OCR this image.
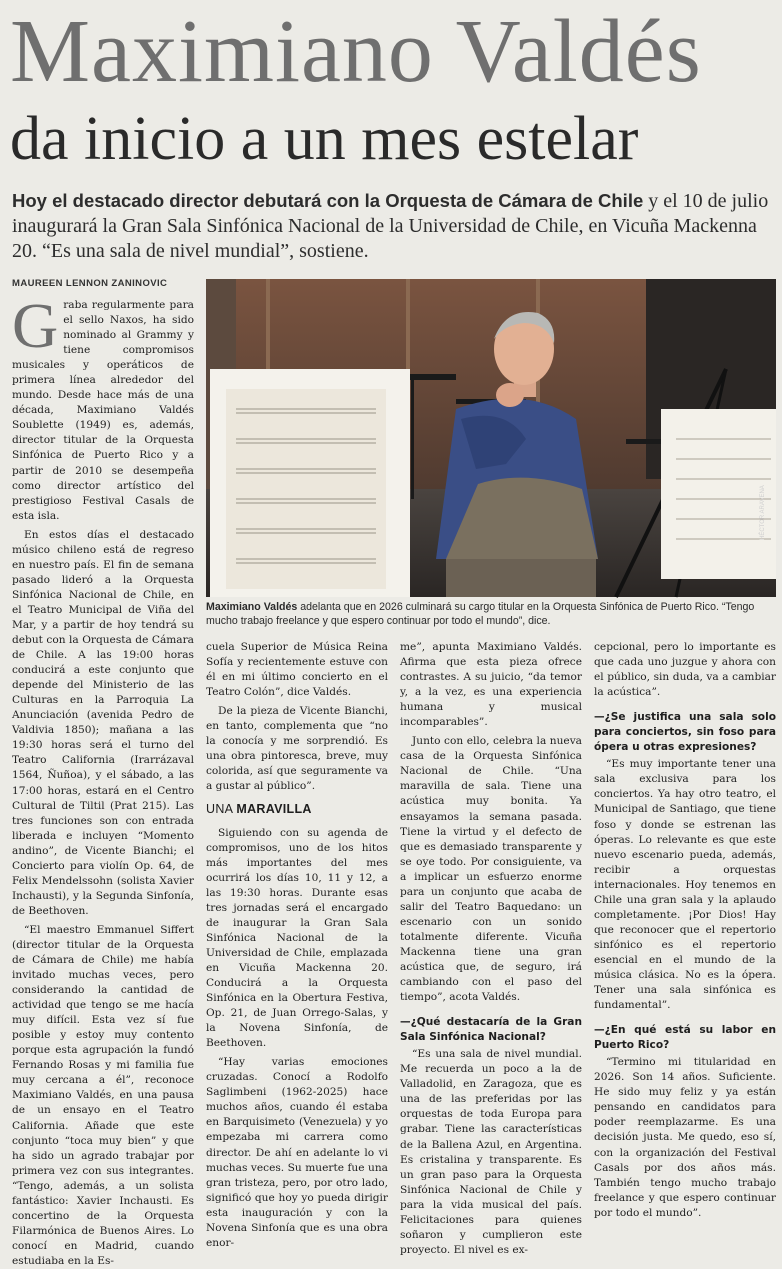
Maximiano Valdés
da inicio a un mes estelar
Hoy el destacado director debutará con la Orquesta de Cámara de Chile y el 10 de julio inaugurará la Gran Sala Sinfónica Nacional de la Universidad de Chile, en Vicuña Mackenna 20. “Es una sala de nivel mundial”, sostiene.
MAUREEN LENNON ZANINOVIC
HÉCTOR ARAVENA
Maximiano Valdés adelanta que en 2026 culminará su cargo titular en la Orquesta Sinfónica de Puerto Rico. “Tengo mucho trabajo freelance y que espero continuar por todo el mundo”, dice.

Graba regularmente para el sello Naxos, ha sido nominado al Grammy y tiene compromisos musicales y operáticos de primera línea alrededor del mundo. Desde hace más de una década, Maximiano Valdés Soublette (1949) es, además, director titular de la Orquesta Sinfónica de Puerto Rico y a partir de 2010 se desempeña como director artístico del prestigioso Festival Casals de esta isla.

En estos días el destacado músico chileno está de regreso en nuestro país. El fin de semana pasado lideró a la Orquesta Sinfónica Nacional de Chile, en el Teatro Municipal de Viña del Mar, y a partir de hoy tendrá su debut con la Orquesta de Cámara de Chile. A las 19:00 horas conducirá a este conjunto que depende del Ministerio de las Culturas en la Parroquia La Anunciación (avenida Pedro de Valdivia 1850); mañana a las 19:30 horas será el turno del Teatro California (Irarrázaval 1564, Ñuñoa), y el sábado, a las 17:00 horas, estará en el Centro Cultural de Tiltil (Prat 215). Las tres funciones son con entrada liberada e incluyen “Momento andino”, de Vicente Bianchi; el Concierto para violín Op. 64, de Felix Mendelssohn (solista Xavier Inchausti), y la Segunda Sinfonía, de Beethoven.

“El maestro Emmanuel Siffert (director titular de la Orquesta de Cámara de Chile) me había invitado muchas veces, pero considerando la cantidad de actividad que tengo se me hacía muy difícil. Esta vez sí fue posible y estoy muy contento porque esta agrupación la fundó Fernando Rosas y mi familia fue muy cercana a él”, reconoce Maximiano Valdés, en una pausa de un ensayo en el Teatro California. Añade que este conjunto “toca muy bien” y que ha sido un agrado trabajar por primera vez con sus integrantes. “Tengo, además, a un solista fantástico: Xavier Inchausti. Es concertino de la Orquesta Filarmónica de Buenos Aires. Lo conocí en Madrid, cuando estudiaba en la Es-

cuela Superior de Música Reina Sofía y recientemente estuve con él en mi último concierto en el Teatro Colón”, dice Valdés.

De la pieza de Vicente Bianchi, en tanto, complementa que “no la conocía y me sorprendió. Es una obra pintoresca, breve, muy colorida, así que seguramente va a gustar al público”.

UNA MARAVILLA

Siguiendo con su agenda de compromisos, uno de los hitos más importantes del mes ocurrirá los días 10, 11 y 12, a las 19:30 horas. Durante esas tres jornadas será el encargado de inaugurar la Gran Sala Sinfónica Nacional de la Universidad de Chile, emplazada en Vicuña Mackenna 20. Conducirá a la Orquesta Sinfónica en la Obertura Festiva, Op. 21, de Juan Orrego-Salas, y la Novena Sinfonía, de Beethoven.

“Hay varias emociones cruzadas. Conocí a Rodolfo Saglimbeni (1962-2025) hace muchos años, cuando él estaba en Barquisimeto (Venezuela) y yo empezaba mi carrera como director. De ahí en adelante lo vi muchas veces. Su muerte fue una gran tristeza, pero, por otro lado, significó que hoy yo pueda dirigir esta inauguración y con la Novena Sinfonía que es una obra enor-

me”, apunta Maximiano Valdés. Afirma que esta pieza ofrece contrastes. A su juicio, “da temor y, a la vez, es una experiencia humana y musical incomparables”.

Junto con ello, celebra la nueva casa de la Orquesta Sinfónica Nacional de Chile. “Una maravilla de sala. Tiene una acústica muy bonita. Ya ensayamos la semana pasada. Tiene la virtud y el defecto de que es demasiado transparente y se oye todo. Por consiguiente, va a implicar un esfuerzo enorme para un conjunto que acaba de salir del Teatro Baquedano: un escenario con un sonido totalmente diferente. Vicuña Mackenna tiene una gran acústica que, de seguro, irá cambiando con el paso del tiempo”, acota Valdés.

—¿Qué destacaría de la Gran Sala Sinfónica Nacional?

“Es una sala de nivel mundial. Me recuerda un poco a la de Valladolid, en Zaragoza, que es una de las preferidas por las orquestas de toda Europa para grabar. Tiene las características de la Ballena Azul, en Argentina. Es cristalina y transparente. Es un gran paso para la Orquesta Sinfónica Nacional de Chile y para la vida musical del país. Felicitaciones para quienes soñaron y cumplieron este proyecto. El nivel es ex-

cepcional, pero lo importante es que cada uno juzgue y ahora con el público, sin duda, va a cambiar la acústica”.

—¿Se justifica una sala solo para conciertos, sin foso para ópera u otras expresiones?

“Es muy importante tener una sala exclusiva para los conciertos. Ya hay otro teatro, el Municipal de Santiago, que tiene foso y donde se estrenan las óperas. Lo relevante es que este nuevo escenario pueda, además, recibir a orquestas internacionales. Hoy tenemos en Chile una gran sala y la aplaudo completamente. ¡Por Dios! Hay que reconocer que el repertorio sinfónico es el repertorio esencial en el mundo de la música clásica. No es la ópera. Tener una sala sinfónica es fundamental”.

—¿En qué está su labor en Puerto Rico?

“Termino mi titularidad en 2026. Son 14 años. Suficiente. He sido muy feliz y ya están pensando en candidatos para poder reemplazarme. Es una decisión justa. Me quedo, eso sí, con la organización del Festival Casals por dos años más. También tengo mucho trabajo freelance y que espero continuar por todo el mundo”.
